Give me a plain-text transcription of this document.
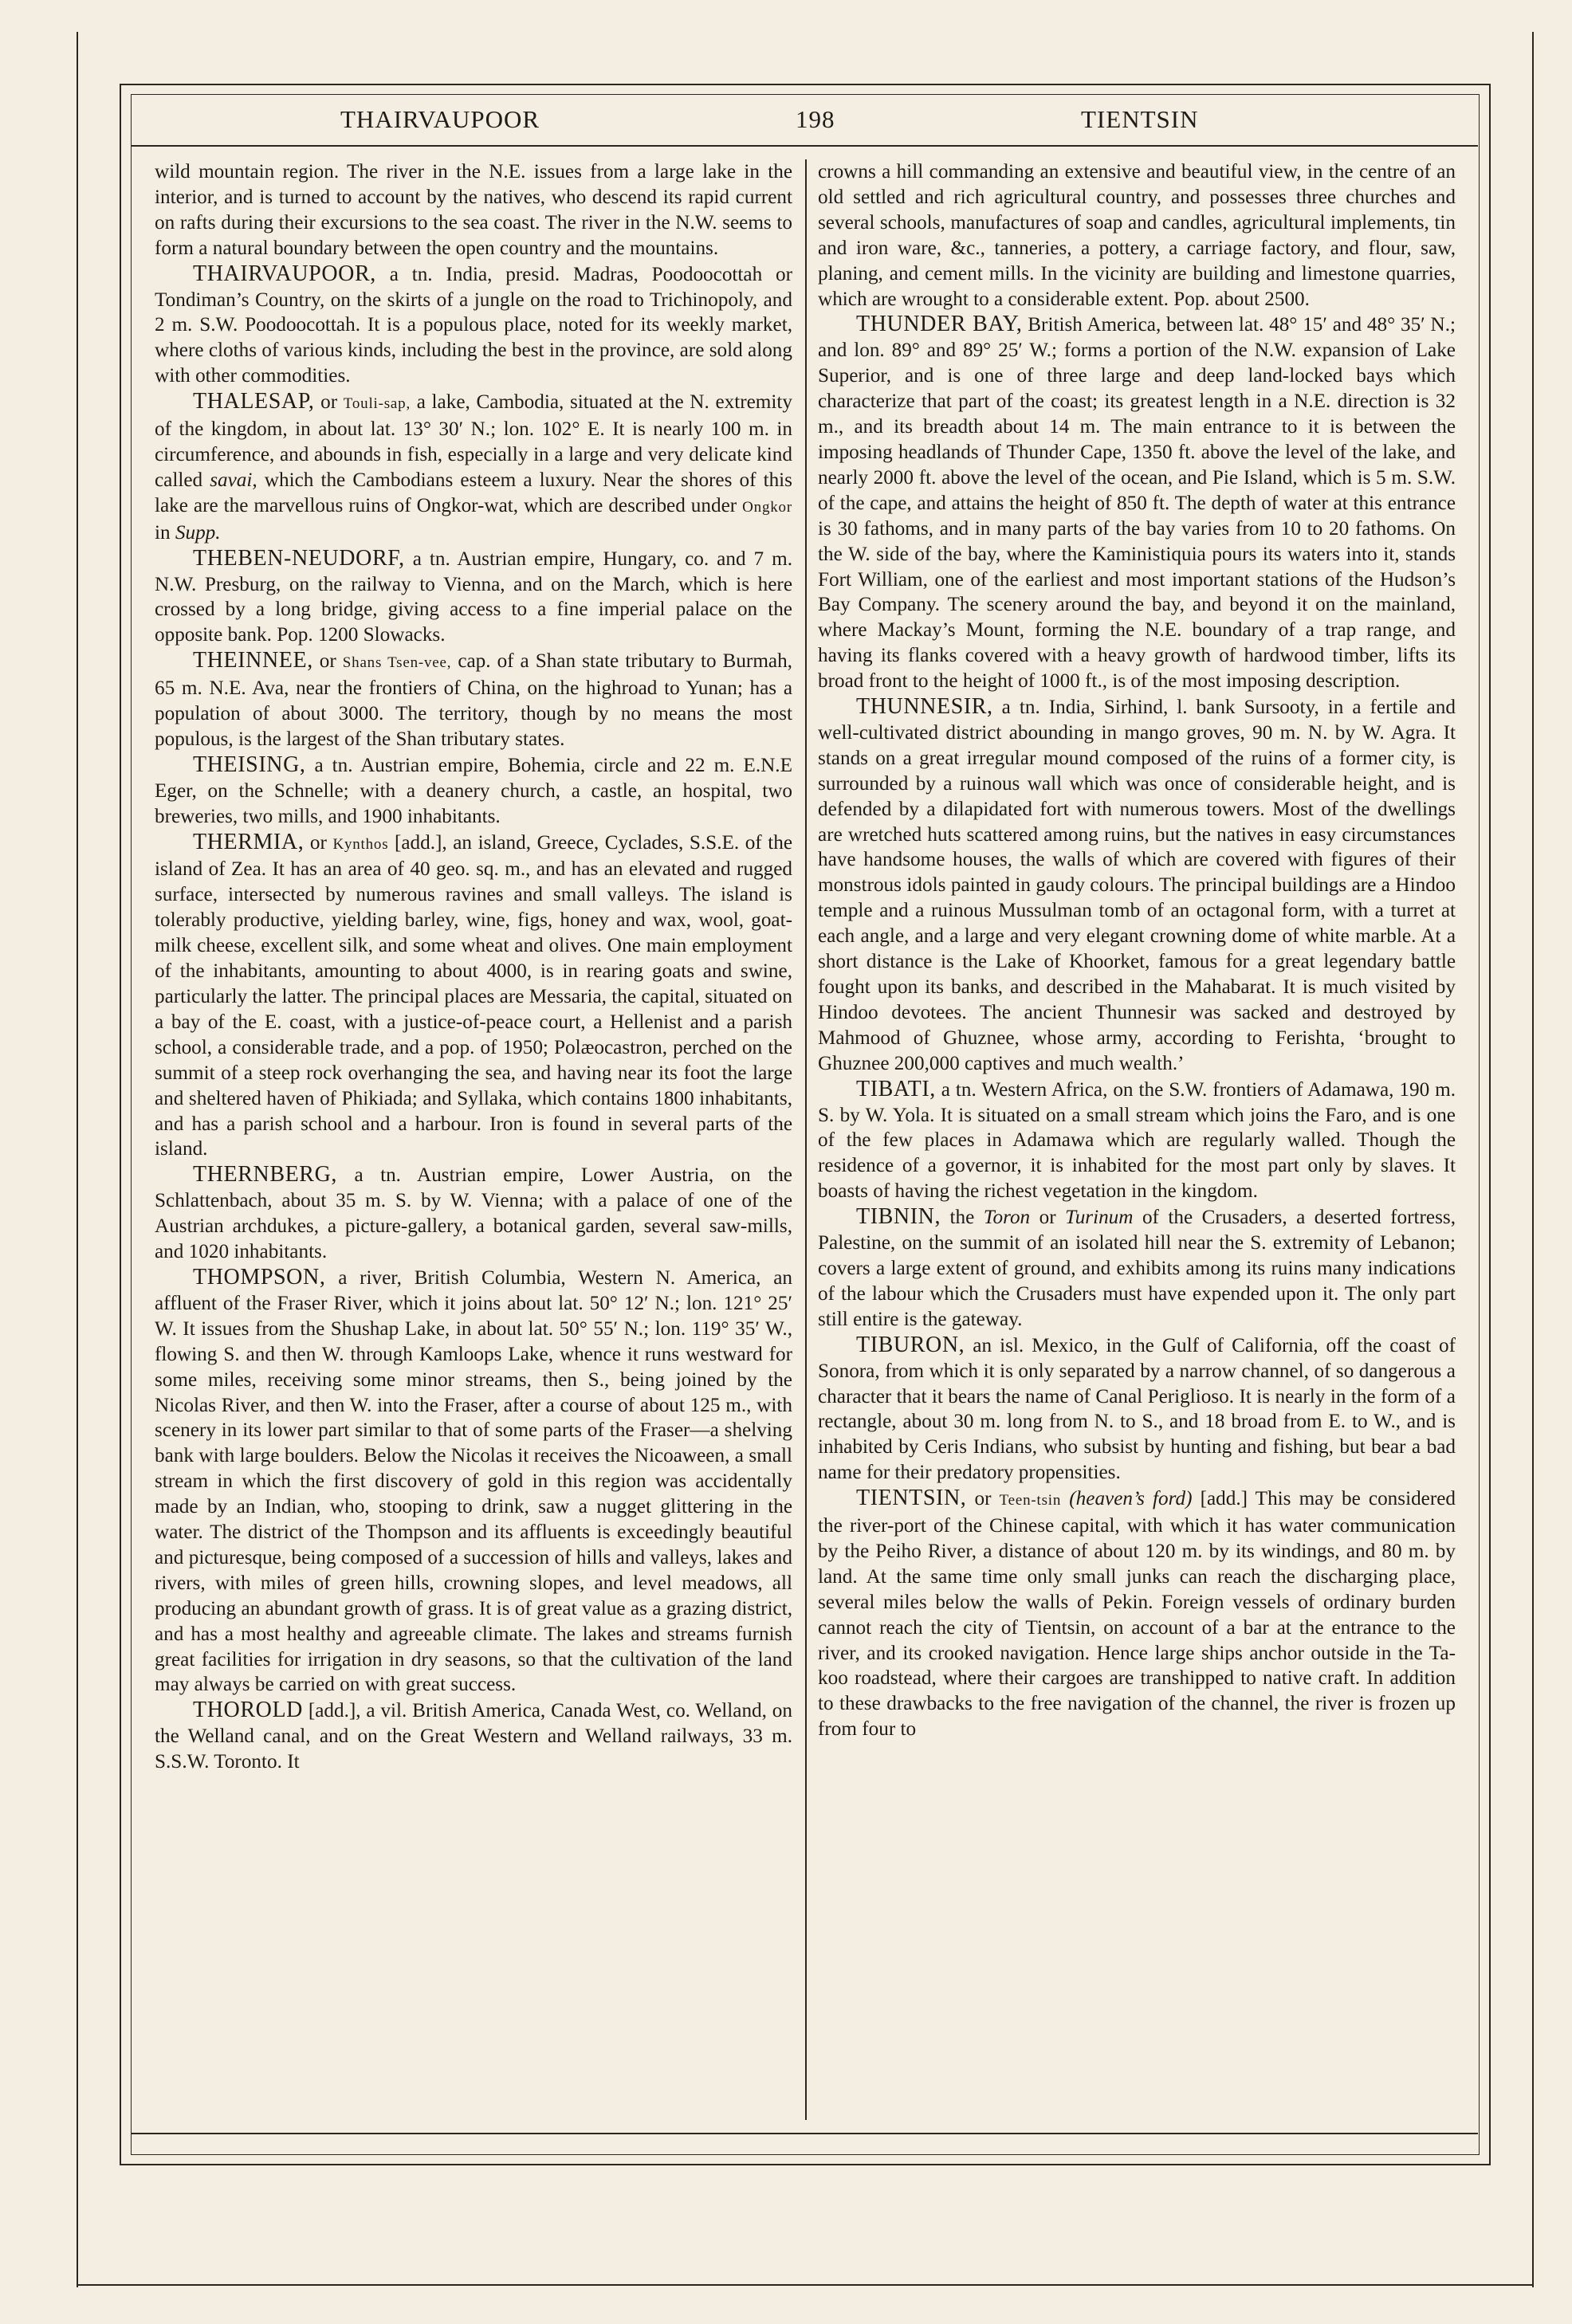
THAIRVAUPOOR	198	TIENTSIN

wild mountain region. The river in the N.E. issues from a large lake in the interior, and is turned to account by the natives, who descend its rapid current on rafts during their excursions to the sea coast. The river in the N.W. seems to form a natural boundary between the open country and the mountains.

THAIRVAUPOOR, a tn. India, presid. Madras, Poodoocottah or Tondiman’s Country, on the skirts of a jungle on the road to Trichinopoly, and 2 m. S.W. Poodoocottah. It is a populous place, noted for its weekly market, where cloths of various kinds, including the best in the province, are sold along with other commodities.

THALESAP, or Touli-sap, a lake, Cambodia, situated at the N. extremity of the kingdom, in about lat. 13° 30′ N.; lon. 102° E. It is nearly 100 m. in circumference, and abounds in fish, especially in a large and very delicate kind called savai, which the Cambodians esteem a luxury. Near the shores of this lake are the marvellous ruins of Ongkor-wat, which are described under Ongkor in Supp.

THEBEN-NEUDORF, a tn. Austrian empire, Hungary, co. and 7 m. N.W. Presburg, on the railway to Vienna, and on the March, which is here crossed by a long bridge, giving access to a fine imperial palace on the opposite bank. Pop. 1200 Slowacks.

THEINNEE, or Shans Tsen-vee, cap. of a Shan state tributary to Burmah, 65 m. N.E. Ava, near the frontiers of China, on the highroad to Yunan; has a population of about 3000. The territory, though by no means the most populous, is the largest of the Shan tributary states.

THEISING, a tn. Austrian empire, Bohemia, circle and 22 m. E.N.E Eger, on the Schnelle; with a deanery church, a castle, an hospital, two breweries, two mills, and 1900 inhabitants.

THERMIA, or Kynthos [add.], an island, Greece, Cyclades, S.S.E. of the island of Zea. It has an area of 40 geo. sq. m., and has an elevated and rugged surface, intersected by numerous ravines and small valleys. The island is tolerably productive, yielding barley, wine, figs, honey and wax, wool, goat-milk cheese, excellent silk, and some wheat and olives. One main employment of the inhabitants, amounting to about 4000, is in rearing goats and swine, particularly the latter. The principal places are Messaria, the capital, situated on a bay of the E. coast, with a justice-of-peace court, a Hellenist and a parish school, a considerable trade, and a pop. of 1950; Polæocastron, perched on the summit of a steep rock overhanging the sea, and having near its foot the large and sheltered haven of Phikiada; and Syllaka, which contains 1800 inhabitants, and has a parish school and a harbour. Iron is found in several parts of the island.

THERNBERG, a tn. Austrian empire, Lower Austria, on the Schlattenbach, about 35 m. S. by W. Vienna; with a palace of one of the Austrian archdukes, a picture-gallery, a botanical garden, several saw-mills, and 1020 inhabitants.

THOMPSON, a river, British Columbia, Western N. America, an affluent of the Fraser River, which it joins about lat. 50° 12′ N.; lon. 121° 25′ W. It issues from the Shushap Lake, in about lat. 50° 55′ N.; lon. 119° 35′ W., flowing S. and then W. through Kamloops Lake, whence it runs westward for some miles, receiving some minor streams, then S., being joined by the Nicolas River, and then W. into the Fraser, after a course of about 125 m., with scenery in its lower part similar to that of some parts of the Fraser—a shelving bank with large boulders. Below the Nicolas it receives the Nicoaween, a small stream in which the first discovery of gold in this region was accidentally made by an Indian, who, stooping to drink, saw a nugget glittering in the water. The district of the Thompson and its affluents is exceedingly beautiful and picturesque, being composed of a succession of hills and valleys, lakes and rivers, with miles of green hills, crowning slopes, and level meadows, all producing an abundant growth of grass. It is of great value as a grazing district, and has a most healthy and agreeable climate. The lakes and streams furnish great facilities for irrigation in dry seasons, so that the cultivation of the land may always be carried on with great success.

THOROLD [add.], a vil. British America, Canada West, co. Welland, on the Welland canal, and on the Great Western and Welland railways, 33 m. S.S.W. Toronto. It

crowns a hill commanding an extensive and beautiful view, in the centre of an old settled and rich agricultural country, and possesses three churches and several schools, manufactures of soap and candles, agricultural implements, tin and iron ware, &c., tanneries, a pottery, a carriage factory, and flour, saw, planing, and cement mills. In the vicinity are building and limestone quarries, which are wrought to a considerable extent. Pop. about 2500.

THUNDER BAY, British America, between lat. 48° 15′ and 48° 35′ N.; and lon. 89° and 89° 25′ W.; forms a portion of the N.W. expansion of Lake Superior, and is one of three large and deep land-locked bays which characterize that part of the coast; its greatest length in a N.E. direction is 32 m., and its breadth about 14 m. The main entrance to it is between the imposing headlands of Thunder Cape, 1350 ft. above the level of the lake, and nearly 2000 ft. above the level of the ocean, and Pie Island, which is 5 m. S.W. of the cape, and attains the height of 850 ft. The depth of water at this entrance is 30 fathoms, and in many parts of the bay varies from 10 to 20 fathoms. On the W. side of the bay, where the Kaministiquia pours its waters into it, stands Fort William, one of the earliest and most important stations of the Hudson’s Bay Company. The scenery around the bay, and beyond it on the mainland, where Mackay’s Mount, forming the N.E. boundary of a trap range, and having its flanks covered with a heavy growth of hardwood timber, lifts its broad front to the height of 1000 ft., is of the most imposing description.

THUNNESIR, a tn. India, Sirhind, l. bank Sursooty, in a fertile and well-cultivated district abounding in mango groves, 90 m. N. by W. Agra. It stands on a great irregular mound composed of the ruins of a former city, is surrounded by a ruinous wall which was once of considerable height, and is defended by a dilapidated fort with numerous towers. Most of the dwellings are wretched huts scattered among ruins, but the natives in easy circumstances have handsome houses, the walls of which are covered with figures of their monstrous idols painted in gaudy colours. The principal buildings are a Hindoo temple and a ruinous Mussulman tomb of an octagonal form, with a turret at each angle, and a large and very elegant crowning dome of white marble. At a short distance is the Lake of Khoorket, famous for a great legendary battle fought upon its banks, and described in the Mahabarat. It is much visited by Hindoo devotees. The ancient Thunnesir was sacked and destroyed by Mahmood of Ghuznee, whose army, according to Ferishta, ‘brought to Ghuznee 200,000 captives and much wealth.’

TIBATI, a tn. Western Africa, on the S.W. frontiers of Adamawa, 190 m. S. by W. Yola. It is situated on a small stream which joins the Faro, and is one of the few places in Adamawa which are regularly walled. Though the residence of a governor, it is inhabited for the most part only by slaves. It boasts of having the richest vegetation in the kingdom.

TIBNIN, the Toron or Turinum of the Crusaders, a deserted fortress, Palestine, on the summit of an isolated hill near the S. extremity of Lebanon; covers a large extent of ground, and exhibits among its ruins many indications of the labour which the Crusaders must have expended upon it. The only part still entire is the gateway.

TIBURON, an isl. Mexico, in the Gulf of California, off the coast of Sonora, from which it is only separated by a narrow channel, of so dangerous a character that it bears the name of Canal Periglioso. It is nearly in the form of a rectangle, about 30 m. long from N. to S., and 18 broad from E. to W., and is inhabited by Ceris Indians, who subsist by hunting and fishing, but bear a bad name for their predatory propensities.

TIENTSIN, or Teen-tsin (heaven’s ford) [add.] This may be considered the river-port of the Chinese capital, with which it has water communication by the Peiho River, a distance of about 120 m. by its windings, and 80 m. by land. At the same time only small junks can reach the discharging place, several miles below the walls of Pekin. Foreign vessels of ordinary burden cannot reach the city of Tientsin, on account of a bar at the entrance to the river, and its crooked navigation. Hence large ships anchor outside in the Ta-koo roadstead, where their cargoes are transhipped to native craft. In addition to these drawbacks to the free navigation of the channel, the river is frozen up from four to
